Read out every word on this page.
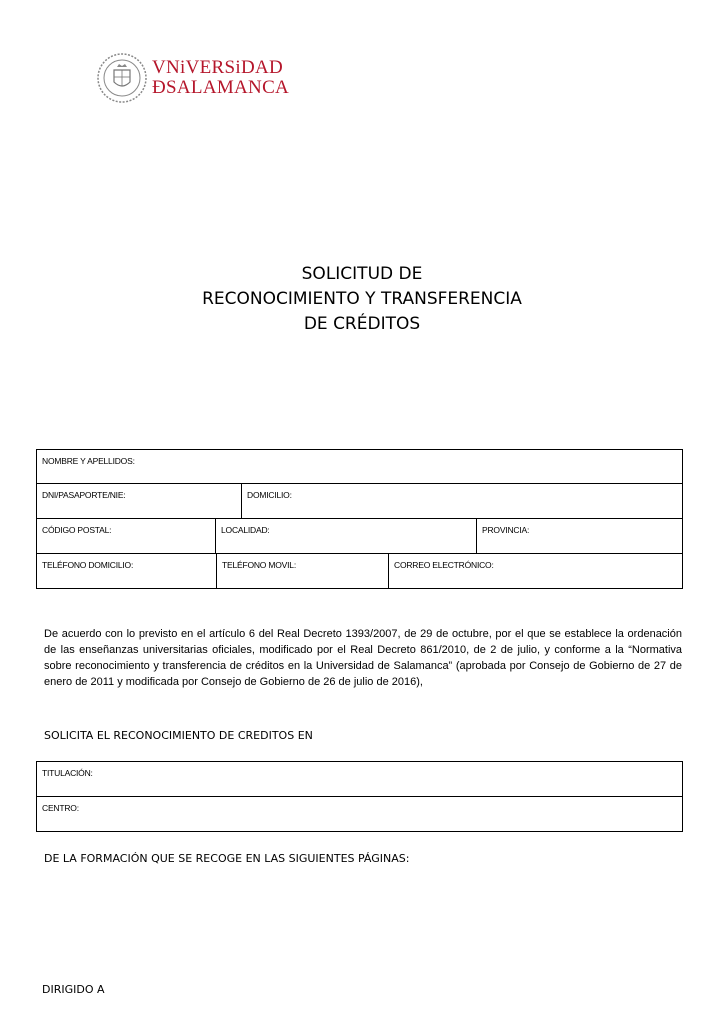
VNiVERSiDAD
ÐSALAMANCA
SOLICITUD DE
RECONOCIMIENTO Y TRANSFERENCIA
DE CRÉDITOS
NOMBRE Y APELLIDOS:
DNI/PASAPORTE/NIE:	DOMICILIO:
CÓDIGO POSTAL:	LOCALIDAD:	PROVINCIA:
TELÉFONO DOMICILIO:	TELÉFONO MOVIL:	CORREO ELECTRÓNICO:
De acuerdo con lo previsto en el artículo 6 del Real Decreto 1393/2007, de 29 de octubre, por el que se establece la ordenación de las enseñanzas universitarias oficiales, modificado por el Real Decreto 861/2010, de 2 de julio, y conforme a la “Normativa sobre reconocimiento y transferencia de créditos en la Universidad de Salamanca” (aprobada por Consejo de Gobierno de 27 de enero de 2011 y modificada por Consejo de Gobierno de 26 de julio de 2016),
SOLICITA EL RECONOCIMIENTO DE CREDITOS EN
TITULACIÓN:
CENTRO:
DE LA FORMACIÓN QUE SE RECOGE EN LAS SIGUIENTES PÁGINAS:
DIRIGIDO A
